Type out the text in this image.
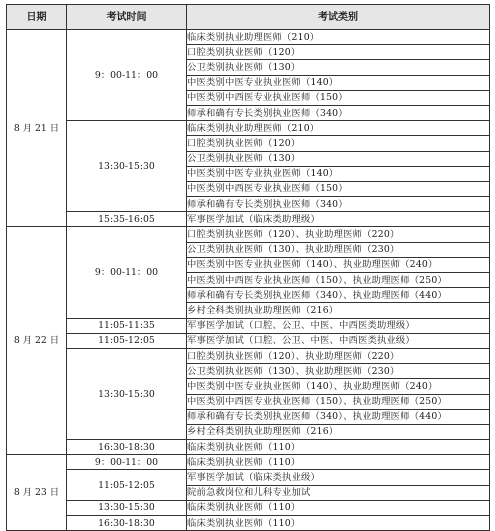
日期	考试时间	考试类别
8 月 21 日	9：00-11：00	临床类别执业助理医师（210）
		口腔类别执业医师（120）
		公卫类别执业医师（130）
		中医类别中医专业执业医师（140）
		中医类别中西医专业执业医师（150）
		师承和确有专长类别执业医师（340）
	13:30-15:30	临床类别执业助理医师（210）
		口腔类别执业医师（120）
		公卫类别执业医师（130）
		中医类别中医专业执业医师（140）
		中医类别中西医专业执业医师（150）
		师承和确有专长类别执业医师（340）
	15:35-16:05	军事医学加试（临床类助理级）
8 月 22 日	9：00-11：00	口腔类别执业医师（120）、执业助理医师（220）
		公卫类别执业医师（130）、执业助理医师（230）
		中医类别中医专业执业医师（140）、执业助理医师（240）
		中医类别中西医专业执业医师（150）、执业助理医师（250）
		师承和确有专长类别执业医师（340）、执业助理医师（440）
		乡村全科类别执业助理医师（216）
	11:05-11:35	军事医学加试（口腔、公卫、中医、中西医类助理级）
	11:05-12:05	军事医学加试（口腔、公卫、中医、中西医类执业级）
	13:30-15:30	口腔类别执业医师（120）、执业助理医师（220）
		公卫类别执业医师（130）、执业助理医师（230）
		中医类别中医专业执业医师（140）、执业助理医师（240）
		中医类别中西医专业执业医师（150）、执业助理医师（250）
		师承和确有专长类别执业医师（340）、执业助理医师（440）
		乡村全科类别执业助理医师（216）
	16:30-18:30	临床类别执业医师（110）
8 月 23 日	9：00-11：00	临床类别执业医师（110）
	11:05-12:05	军事医学加试（临床类执业级）
		院前急救岗位和儿科专业加试
	13:30-15:30	临床类别执业医师（110）
	16:30-18:30	临床类别执业医师（110）
